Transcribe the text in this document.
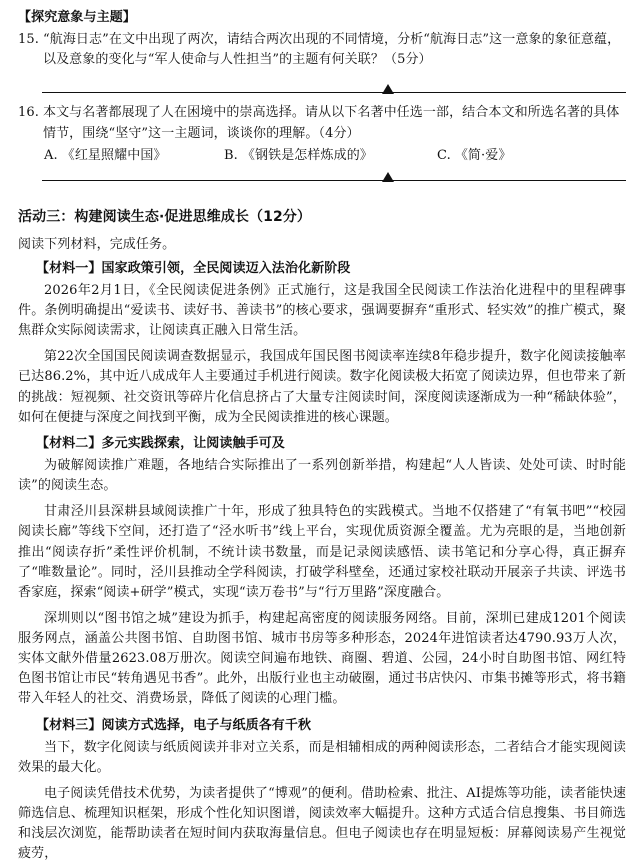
【探究意象与主题】
15. “航海日志”在文中出现了两次，请结合两次出现的不同情境，分析“航海日志”这一意象的象征意蕴，以及意象的变化与“军人使命与人性担当”的主题有何关联？（5分）
16. 本文与名著都展现了人在困境中的崇高选择。请从以下名著中任选一部，结合本文和所选名著的具体情节，围绕“坚守”这一主题词，谈谈你的理解。（4分）
A. 《红星照耀中国》	B. 《钢铁是怎样炼成的》	C. 《简·爱》
活动三：构建阅读生态·促进思维成长（12分）

阅读下列材料，完成任务。

【材料一】国家政策引领，全民阅读迈入法治化新阶段

2026年2月1日，《全民阅读促进条例》正式施行，这是我国全民阅读工作法治化进程中的里程碑事件。条例明确提出“爱读书、读好书、善读书”的核心要求，强调要摒弃“重形式、轻实效”的推广模式，聚焦群众实际阅读需求，让阅读真正融入日常生活。

第22次全国国民阅读调查数据显示，我国成年国民图书阅读率连续8年稳步提升，数字化阅读接触率已达86.2%，其中近八成成年人主要通过手机进行阅读。数字化阅读极大拓宽了阅读边界，但也带来了新的挑战：短视频、社交资讯等碎片化信息挤占了大量专注阅读时间，深度阅读逐渐成为一种“稀缺体验”，如何在便捷与深度之间找到平衡，成为全民阅读推进的核心课题。

【材料二】多元实践探索，让阅读触手可及

为破解阅读推广难题，各地结合实际推出了一系列创新举措，构建起“人人皆读、处处可读、时时能读”的阅读生态。

甘肃泾川县深耕县域阅读推广十年，形成了独具特色的实践模式。当地不仅搭建了“有氧书吧”“校园阅读长廊”等线下空间，还打造了“泾水听书”线上平台，实现优质资源全覆盖。尤为亮眼的是，当地创新推出“阅读存折”柔性评价机制，不统计读书数量，而是记录阅读感悟、读书笔记和分享心得，真正摒弃了“唯数量论”。同时，泾川县推动全学科阅读，打破学科壁垒，还通过家校社联动开展亲子共读、评选书香家庭，探索“阅读+研学”模式，实现“读万卷书”与“行万里路”深度融合。

深圳则以“图书馆之城”建设为抓手，构建起高密度的阅读服务网络。目前，深圳已建成1201个阅读服务网点，涵盖公共图书馆、自助图书馆、城市书房等多种形态，2024年进馆读者达4790.93万人次，实体文献外借量2623.08万册次。阅读空间遍布地铁、商圈、碧道、公园，24小时自助图书馆、网红特色图书馆让市民“转角遇见书香”。此外，出版行业也主动破圈，通过书店快闪、市集书摊等形式，将书籍带入年轻人的社交、消费场景，降低了阅读的心理门槛。

【材料三】阅读方式选择，电子与纸质各有千秋

当下，数字化阅读与纸质阅读并非对立关系，而是相辅相成的两种阅读形态，二者结合才能实现阅读效果的最大化。

电子阅读凭借技术优势，为读者提供了“博观”的便利。借助检索、批注、AI提炼等功能，读者能快速筛选信息、梳理知识框架，形成个性化知识图谱，阅读效率大幅提升。这种方式适合信息搜集、书目筛选和浅层次浏览，能帮助读者在短时间内获取海量信息。但电子阅读也存在明显短板：屏幕阅读易产生视觉疲劳，
